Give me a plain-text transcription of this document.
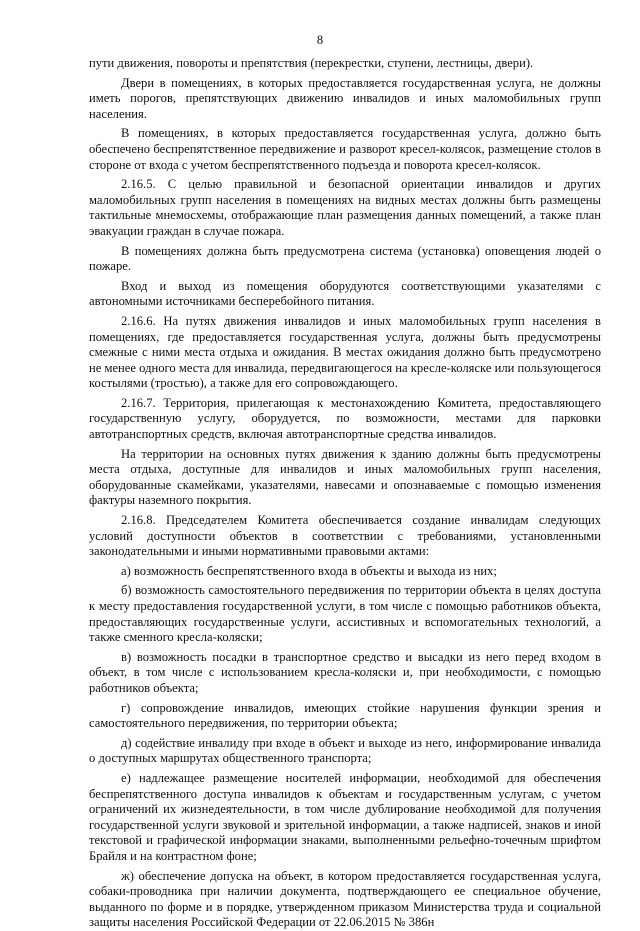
8

пути движения, повороты и препятствия (перекрестки, ступени, лестницы, двери).

Двери в помещениях, в которых предоставляется государственная услуга, не должны иметь порогов, препятствующих движению инвалидов и иных маломобильных групп населения.

В помещениях, в которых предоставляется государственная услуга, должно быть обеспечено беспрепятственное передвижение и разворот кресел-колясок, размещение столов в стороне от входа с учетом беспрепятственного подъезда и поворота кресел-колясок.

2.16.5. С целью правильной и безопасной ориентации инвалидов и других маломобильных групп населения в помещениях на видных местах должны быть размещены тактильные мнемосхемы, отображающие план размещения данных помещений, а также план эвакуации граждан в случае пожара.

В помещениях должна быть предусмотрена система (установка) оповещения людей о пожаре.

Вход и выход из помещения оборудуются соответствующими указателями с автономными источниками бесперебойного питания.

2.16.6. На путях движения инвалидов и иных маломобильных групп населения в помещениях, где предоставляется государственная услуга, должны быть предусмотрены смежные с ними места отдыха и ожидания. В местах ожидания должно быть предусмотрено не менее одного места для инвалида, передвигающегося на кресле-коляске или пользующегося костылями (тростью), а также для его сопровождающего.

2.16.7. Территория, прилегающая к местонахождению Комитета, предоставляющего государственную услугу, оборудуется, по возможности, местами для парковки автотранспортных средств, включая автотранспортные средства инвалидов.

На территории на основных путях движения к зданию должны быть предусмотрены места отдыха, доступные для инвалидов и иных маломобильных групп населения, оборудованные скамейками, указателями, навесами и опознаваемые с помощью изменения фактуры наземного покрытия.

2.16.8. Председателем Комитета обеспечивается создание инвалидам следующих условий доступности объектов в соответствии с требованиями, установленными законодательными и иными нормативными правовыми актами:

а) возможность беспрепятственного входа в объекты и выхода из них;

б) возможность самостоятельного передвижения по территории объекта в целях доступа к месту предоставления государственной услуги, в том числе с помощью работников объекта, предоставляющих государственные услуги, ассистивных и вспомогательных технологий, а также сменного кресла-коляски;

в) возможность посадки в транспортное средство и высадки из него перед входом в объект, в том числе с использованием кресла-коляски и, при необходимости, с помощью работников объекта;

г) сопровождение инвалидов, имеющих стойкие нарушения функции зрения и самостоятельного передвижения, по территории объекта;

д) содействие инвалиду при входе в объект и выходе из него, информирование инвалида о доступных маршрутах общественного транспорта;

е) надлежащее размещение носителей информации, необходимой для обеспечения беспрепятственного доступа инвалидов к объектам и государственным услугам, с учетом ограничений их жизнедеятельности, в том числе дублирование необходимой для получения государственной услуги звуковой и зрительной информации, а также надписей, знаков и иной текстовой и графической информации знаками, выполненными рельефно-точечным шрифтом Брайля и на контрастном фоне;

ж) обеспечение допуска на объект, в котором предоставляется государственная услуга, собаки-проводника при наличии документа, подтверждающего ее специальное обучение, выданного по форме и в порядке, утвержденном приказом Министерства труда и социальной защиты населения Российской Федерации от 22.06.2015 № 386н
